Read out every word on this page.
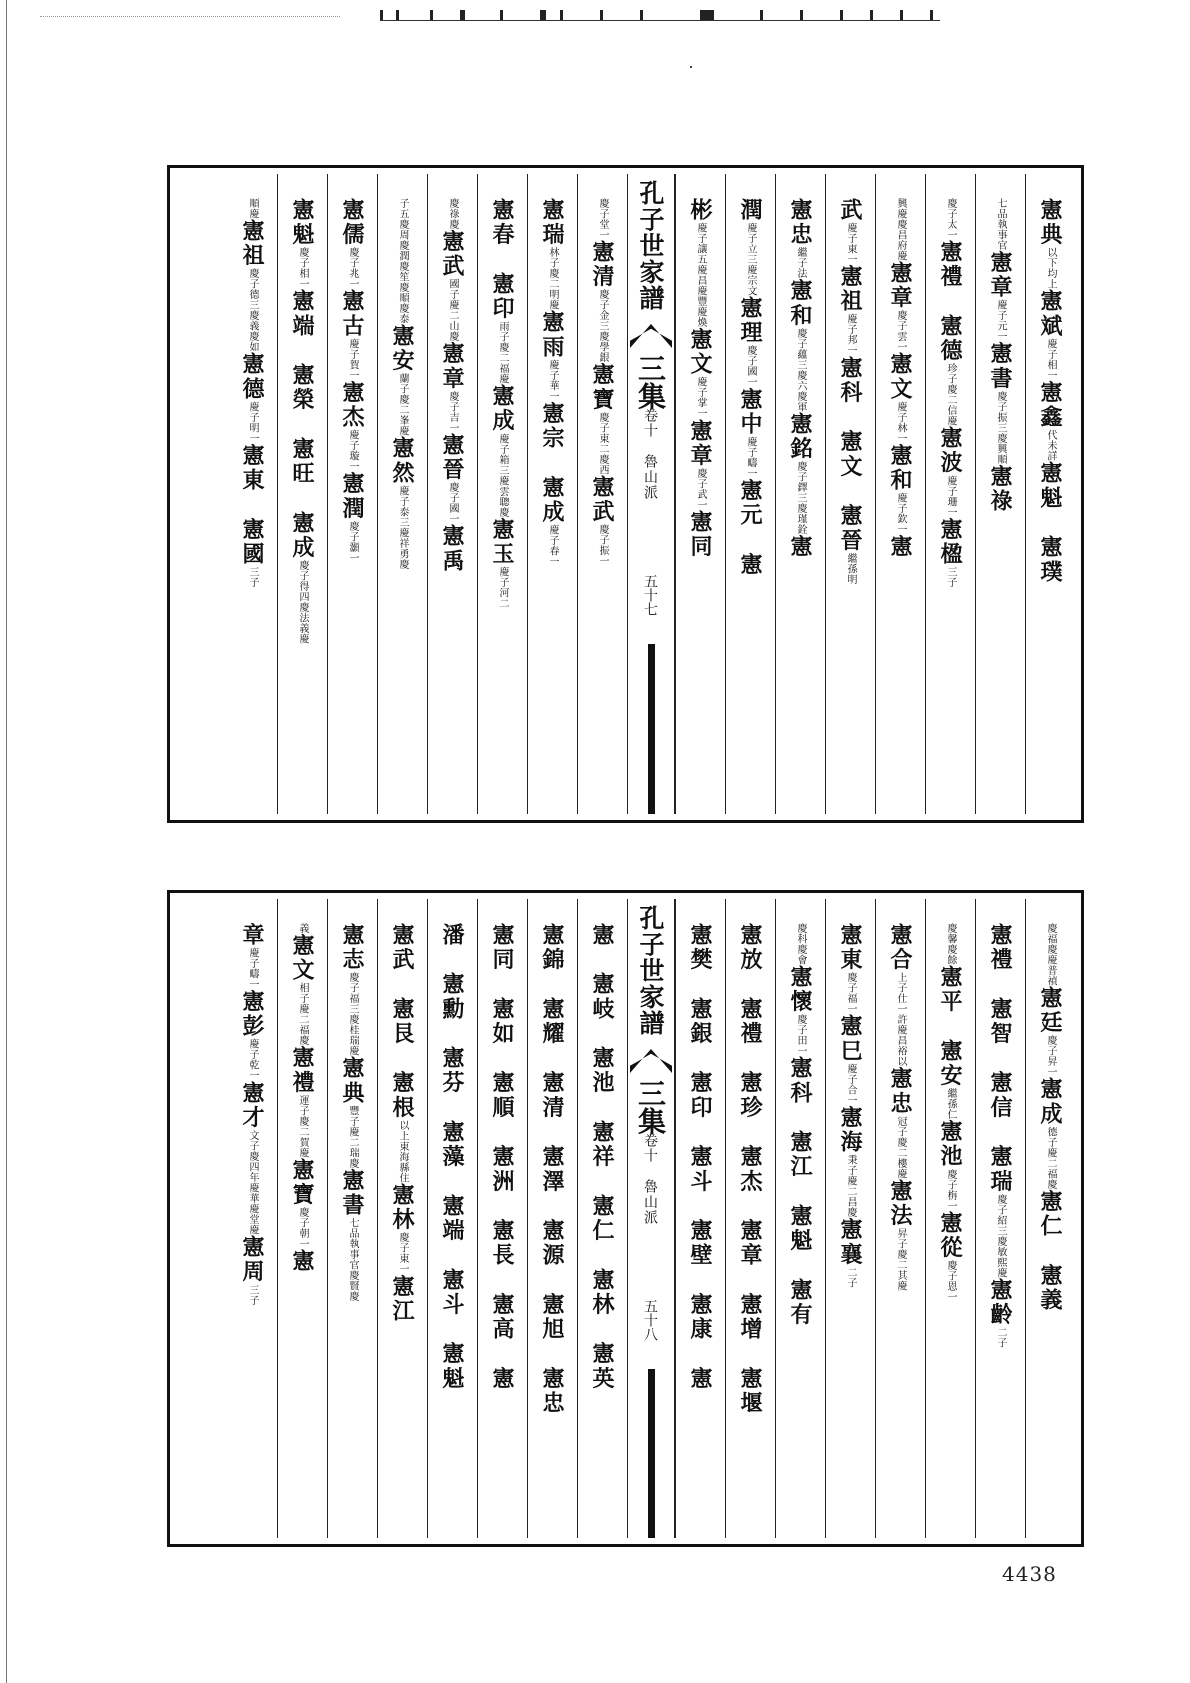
憲典以下均上憲斌慶子相一憲鑫代未詳憲魁　憲璞
七品執事官憲章慶子元一憲書慶子振三慶興順憲祿
慶子太一憲禮　憲德珍子慶二信慶憲波慶子珊一憲楹三子
興慶慶昌府慶憲章慶子雲一憲文慶子林一憲和慶子欽一憲
武慶子東一憲祖慶子邦一憲科　憲文　憲晉繼孫明
憲忠繼子法憲和慶子蘊三慶六慶軍憲銘慶子鐸三慶瑾銓憲
潤慶子立三慶宗文憲理慶子國一憲中慶子疇一憲元　憲
彬慶子讓五慶昌慶豐慶煥憲文慶子掌一憲章慶子武一憲同
孔子世家譜
三集
卷十　魯山派
五十七
慶子堂一憲清慶子金三慶學銀憲寶慶子東二慶西憲武慶子振一
憲瑞林子慶二明慶憲雨慶子華一憲宗　憲成慶子春一
憲春　憲印雨子慶二福慶憲成慶子箱三慶雲聰慶憲玉慶子河二
慶祿慶憲武國子慶二山慶憲章慶子吉一憲晉慶子國一憲禹
子五慶周慶潤慶笙慶順慶泰憲安蘭子慶二峯慶憲然慶子泰三慶祥勇慶
憲儒慶子兆一憲古慶子賀一憲杰慶子璇一憲潤慶子灝一
憲魁慶子相一憲端　憲榮　憲旺　憲成慶子得四慶法義慶
順慶憲祖慶子德三慶義慶如憲德慶子明一憲東　憲國三子
慶福慶慶普禎憲廷慶子昇一憲成德子慶二福慶憲仁　憲義
憲禮　憲智　憲信　憲瑞慶子紹三慶敏熙慶憲齡二子
慶馨慶餘憲平　憲安繼孫仁憲池慶子栴一憲從慶子恩一
憲合上子仕一許慶昌裕以憲忠冠子慶二樓慶憲法昇子慶二其慶
憲東慶子福一憲巳慶子合一憲海秉子慶二昌慶憲襄二子
慶科慶會憲懷慶子田一憲科　憲江　憲魁　憲有
憲放　憲禮　憲珍　憲杰　憲章　憲增　憲堰
憲樊　憲銀　憲印　憲斗　憲壁　憲康　憲
孔子世家譜
三集
卷十　魯山派
五十八
憲　憲岐　憲池　憲祥　憲仁　憲林　憲英
憲錦　憲耀　憲清　憲澤　憲源　憲旭　憲忠
憲同　憲如　憲順　憲洲　憲長　憲高　憲
潘　憲勳　憲芬　憲藻　憲端　憲斗　憲魁
憲武　憲艮　憲根以上東海縣住憲林慶子東一憲江
憲志慶子福三慶桂瑞慶憲典豐子慶二瑞慶憲書七品執事官慶賢慶
義憲文相子慶二福慶憲禮運子慶二賀慶憲寶慶子朝一憲
章慶子疇一憲彭慶子乾一憲才文子慶四年慶華慶堂慶憲周三子
4438
